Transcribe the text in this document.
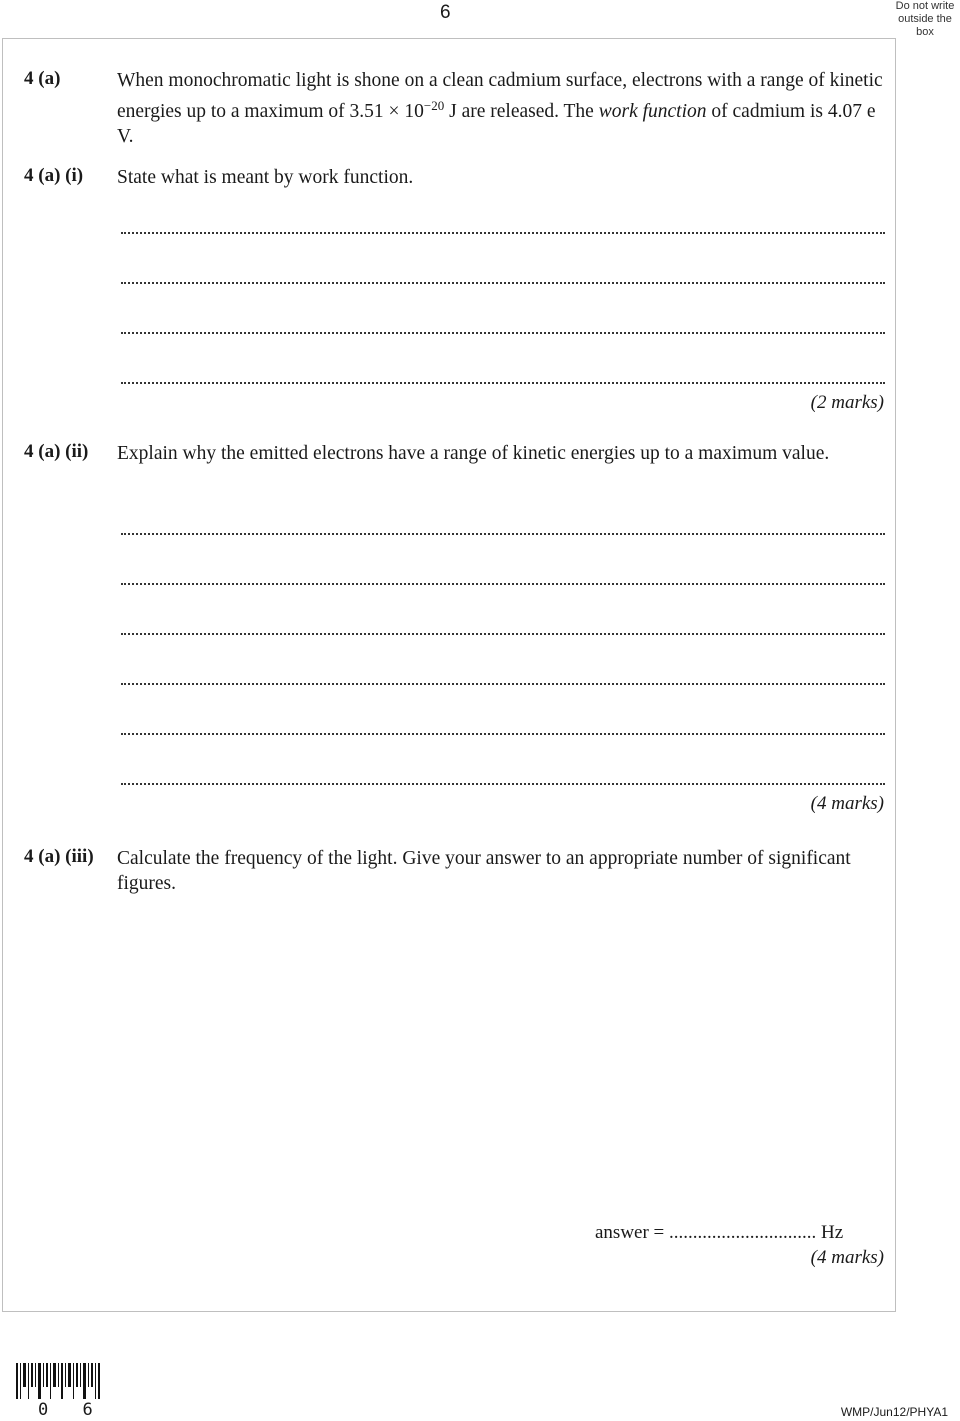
6	Do not write
outside the
box
4 (a)	When monochromatic light is shone on a clean cadmium surface, electrons with a range of kinetic energies up to a maximum of $3.51 \times 10^{-20}$ J are released. The work function of cadmium is 4.07 e V.
4 (a) (i) State what is meant by work function.
(2 marks)
4 (a) (ii) Explain why the emitted electrons have a range of kinetic energies up to a maximum value.
(4 marks)
4 (a) (iii) Calculate the frequency of the light. Give your answer to an appropriate number of significant figures.
answer = ............................... Hz
(4 marks)
0 6	WMP/Jun12/PHYA1
